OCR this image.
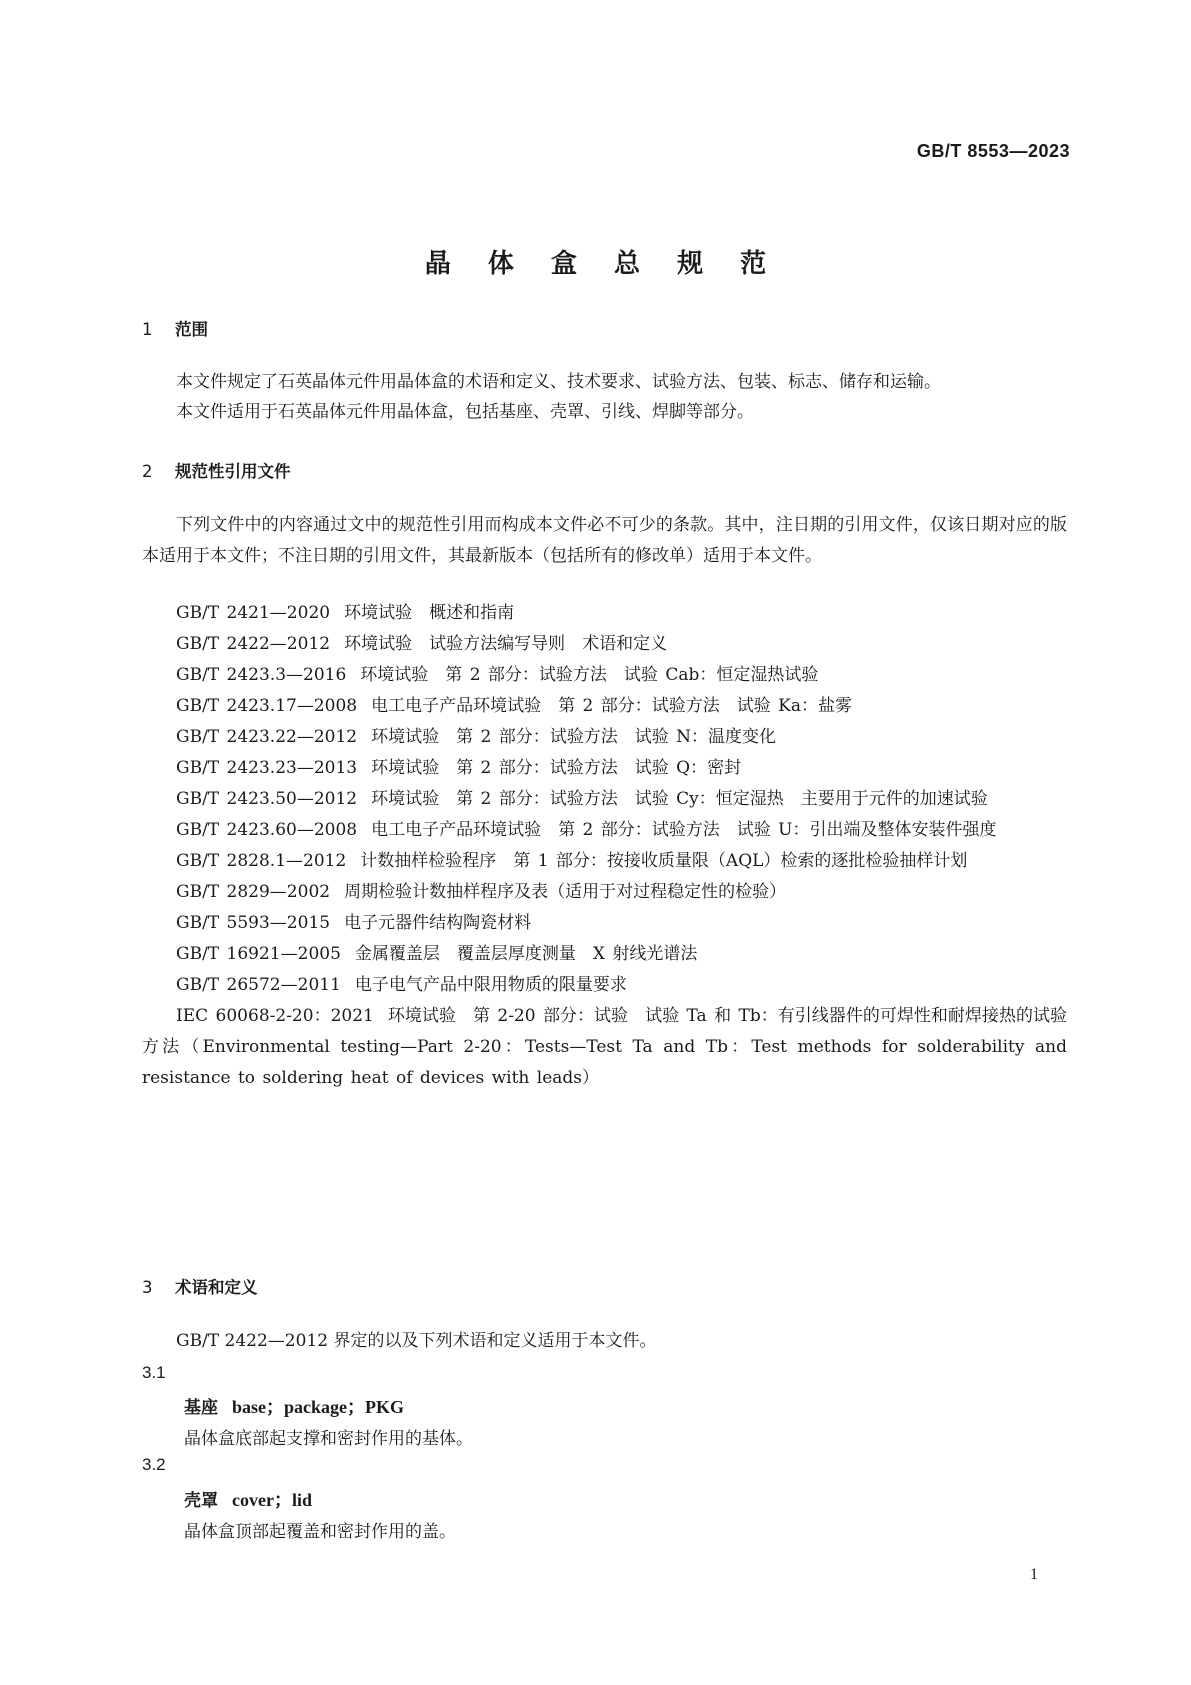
GB/T 8553—2023
晶 体 盒 总 规 范
1 范围
本文件规定了石英晶体元件用晶体盒的术语和定义、技术要求、试验方法、包装、标志、储存和运输。
本文件适用于石英晶体元件用晶体盒，包括基座、壳罩、引线、焊脚等部分。
2 规范性引用文件
下列文件中的内容通过文中的规范性引用而构成本文件必不可少的条款。其中，注日期的引用文件，仅该日期对应的版本适用于本文件；不注日期的引用文件，其最新版本（包括所有的修改单）适用于本文件。
GB/T 2421—2020 环境试验　概述和指南
GB/T 2422—2012 环境试验　试验方法编写导则　术语和定义
GB/T 2423.3—2016 环境试验　第 2 部分：试验方法　试验 Cab：恒定湿热试验
GB/T 2423.17—2008 电工电子产品环境试验　第 2 部分：试验方法　试验 Ka：盐雾
GB/T 2423.22—2012 环境试验　第 2 部分：试验方法　试验 N：温度变化
GB/T 2423.23—2013 环境试验　第 2 部分：试验方法　试验 Q：密封
GB/T 2423.50—2012 环境试验　第 2 部分：试验方法　试验 Cy：恒定湿热　主要用于元件的加速试验
GB/T 2423.60—2008 电工电子产品环境试验　第 2 部分：试验方法　试验 U：引出端及整体安装件强度
GB/T 2828.1—2012 计数抽样检验程序　第 1 部分：按接收质量限（AQL）检索的逐批检验抽样计划
GB/T 2829—2002 周期检验计数抽样程序及表（适用于对过程稳定性的检验）
GB/T 5593—2015 电子元器件结构陶瓷材料
GB/T 16921—2005 金属覆盖层　覆盖层厚度测量　X 射线光谱法
GB/T 26572—2011 电子电气产品中限用物质的限量要求
IEC 60068-2-20：2021 环境试验　第 2-20 部分：试验　试验 Ta 和 Tb：有引线器件的可焊性和耐焊接热的试验方法（Environmental testing—Part 2-20：Tests—Test Ta and Tb：Test methods for solderability and resistance to soldering heat of devices with leads）
3 术语和定义
GB/T 2422—2012 界定的以及下列术语和定义适用于本文件。
3.1
基座 base；package；PKG
晶体盒底部起支撑和密封作用的基体。
3.2
壳罩 cover；lid
晶体盒顶部起覆盖和密封作用的盖。
1
